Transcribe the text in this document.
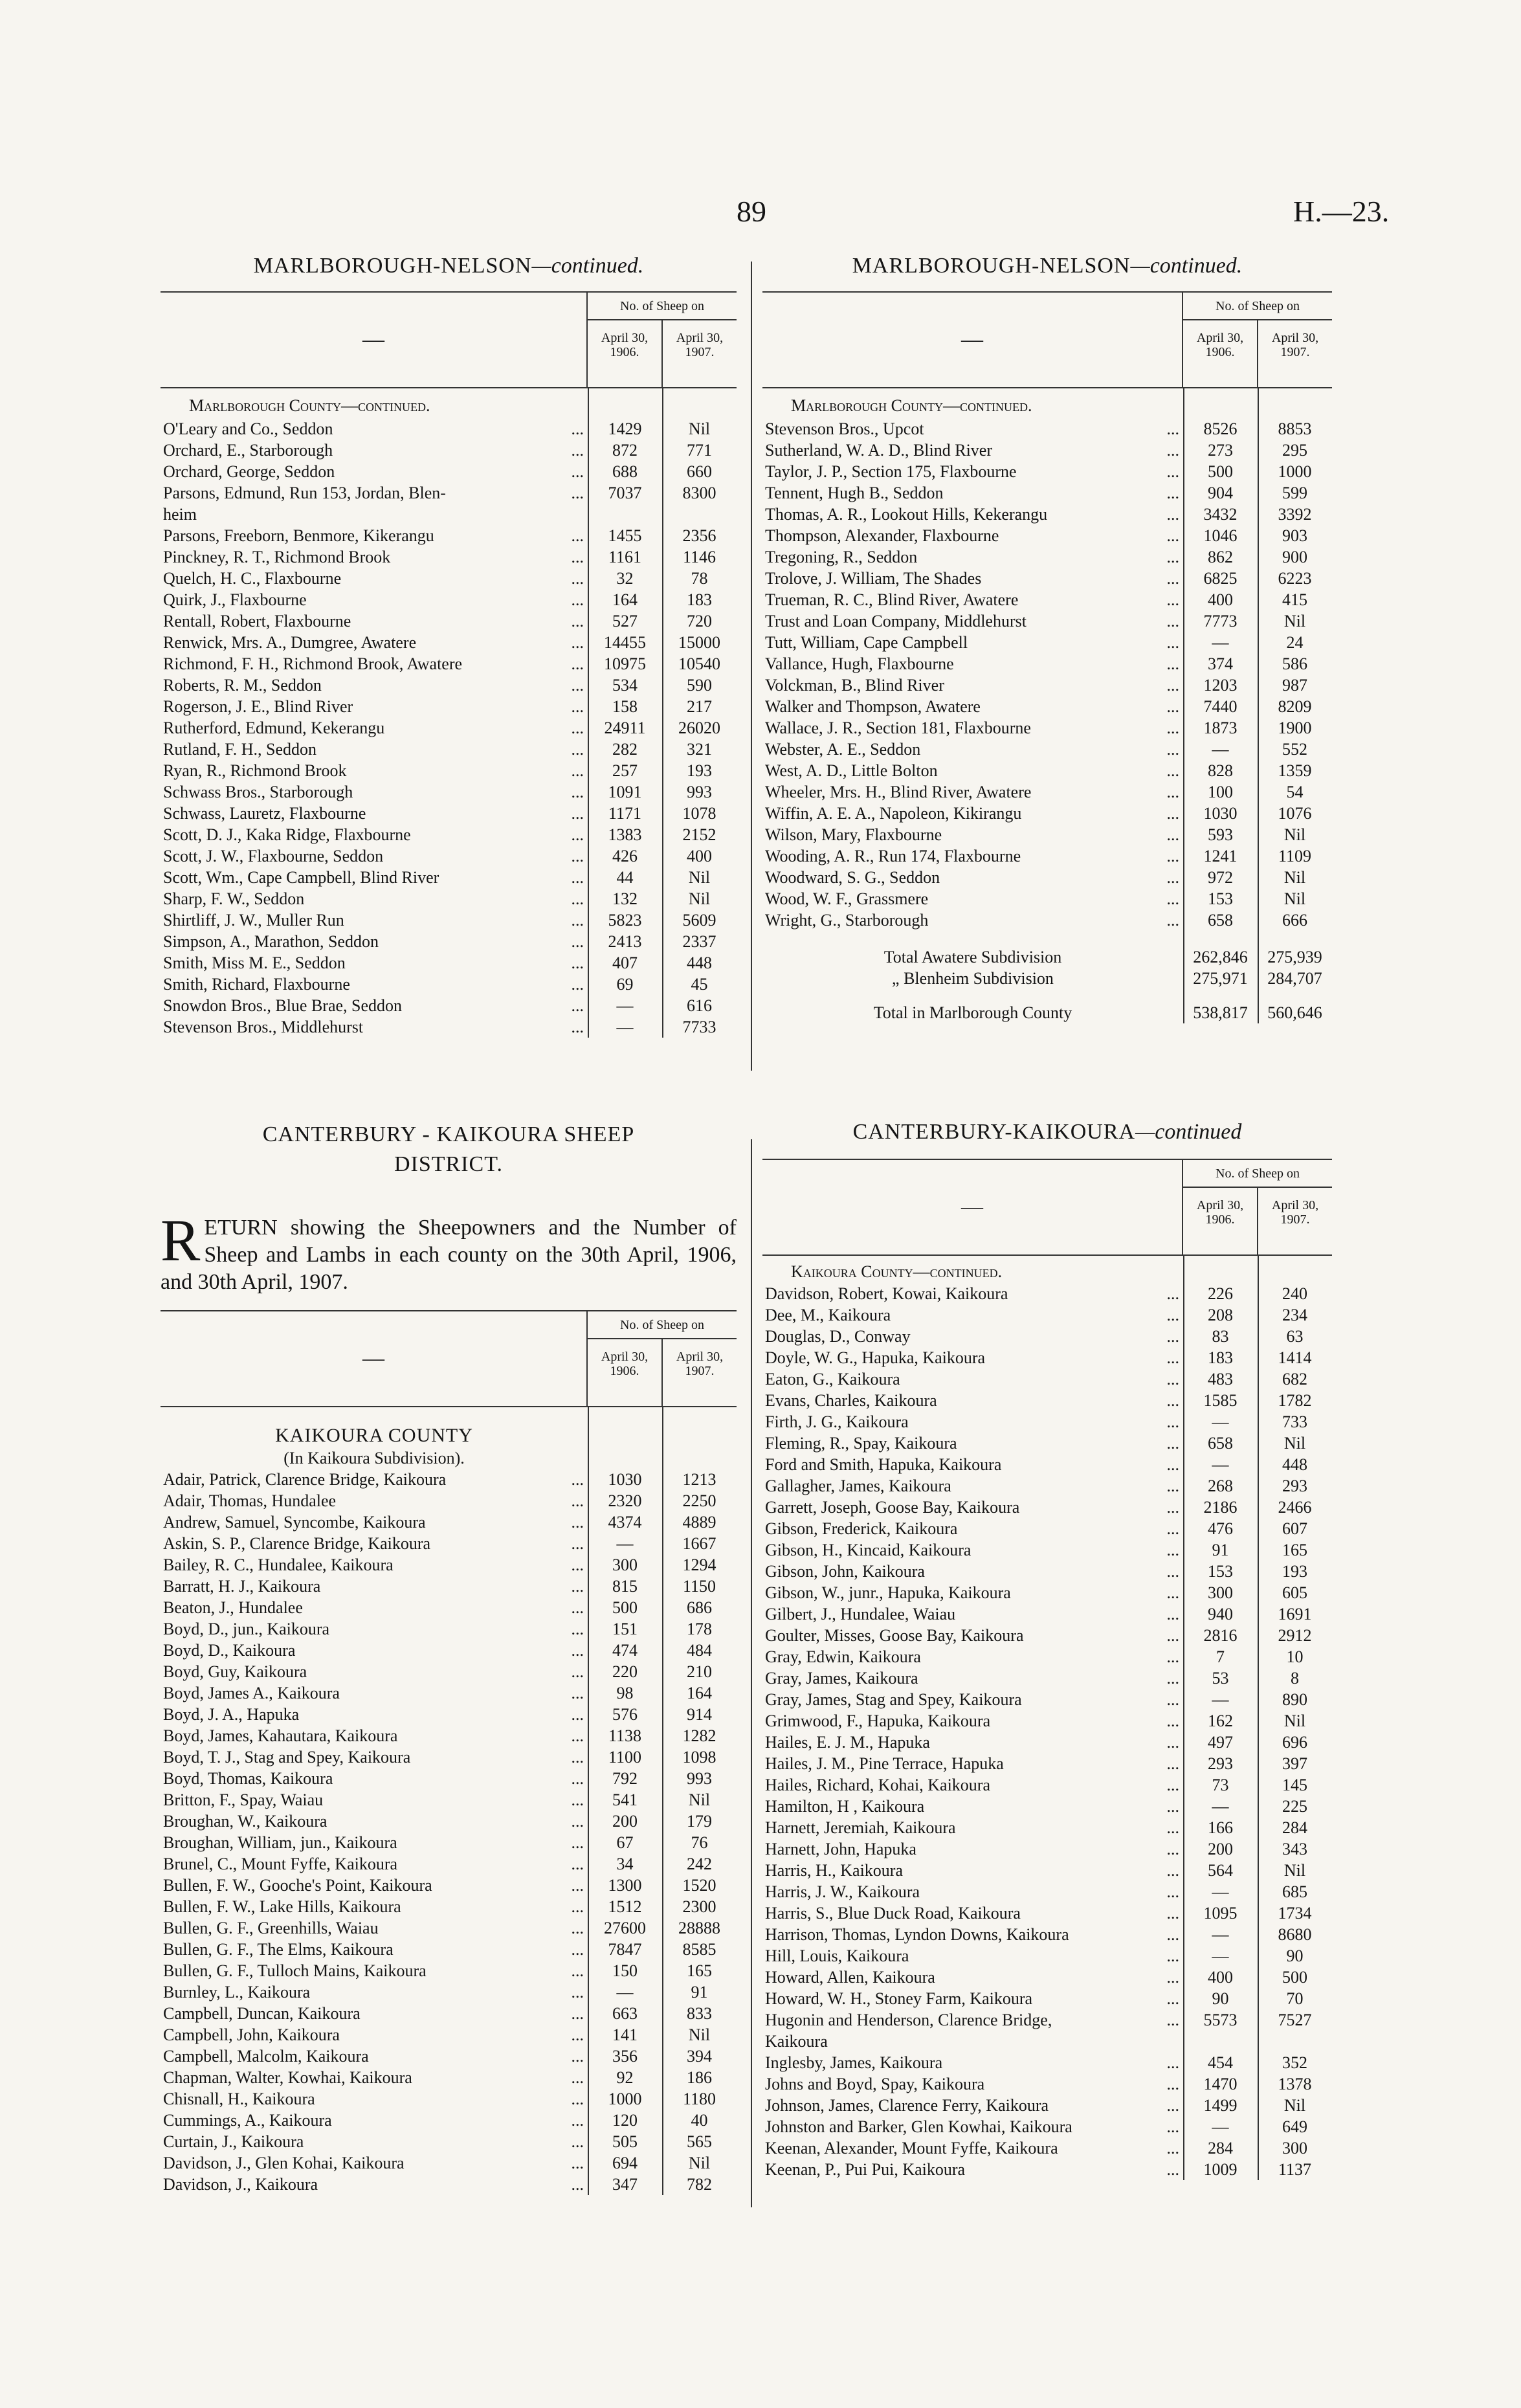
89	H.—23.
MARLBOROUGH-NELSON—continued.
—
No. of Sheep on
April 30, 1906.
April 30, 1907.
Marlborough County—continued.
O'Leary and Co., Seddon ...	1429	Nil
Orchard, E., Starborough ...	872	771
Orchard, George, Seddon ...	688	660
Parsons, Edmund, Run 153, Jordan, Blen- ...	7037	8300
heim
Parsons, Freeborn, Benmore, Kikerangu ...	1455	2356
Pinckney, R. T., Richmond Brook ...	1161	1146
Quelch, H. C., Flaxbourne ...	32	78
Quirk, J., Flaxbourne ...	164	183
Rentall, Robert, Flaxbourne ...	527	720
Renwick, Mrs. A., Dumgree, Awatere ...	14455	15000
Richmond, F. H., Richmond Brook, Awatere ...	10975	10540
Roberts, R. M., Seddon ...	534	590
Rogerson, J. E., Blind River ...	158	217
Rutherford, Edmund, Kekerangu ...	24911	26020
Rutland, F. H., Seddon ...	282	321
Ryan, R., Richmond Brook ...	257	193
Schwass Bros., Starborough ...	1091	993
Schwass, Lauretz, Flaxbourne ...	1171	1078
Scott, D. J., Kaka Ridge, Flaxbourne ...	1383	2152
Scott, J. W., Flaxbourne, Seddon ...	426	400
Scott, Wm., Cape Campbell, Blind River ...	44	Nil
Sharp, F. W., Seddon ...	132	Nil
Shirtliff, J. W., Muller Run ...	5823	5609
Simpson, A., Marathon, Seddon ...	2413	2337
Smith, Miss M. E., Seddon ...	407	448
Smith, Richard, Flaxbourne ...	69	45
Snowdon Bros., Blue Brae, Seddon ...	—	616
Stevenson Bros., Middlehurst ...	—	7733
MARLBOROUGH-NELSON—continued.
—
No. of Sheep on
April 30, 1906.
April 30, 1907.
Marlborough County—continued.
Stevenson Bros., Upcot ...	8526	8853
Sutherland, W. A. D., Blind River ...	273	295
Taylor, J. P., Section 175, Flaxbourne ...	500	1000
Tennent, Hugh B., Seddon ...	904	599
Thomas, A. R., Lookout Hills, Kekerangu ...	3432	3392
Thompson, Alexander, Flaxbourne ...	1046	903
Tregoning, R., Seddon ...	862	900
Trolove, J. William, The Shades ...	6825	6223
Trueman, R. C., Blind River, Awatere ...	400	415
Trust and Loan Company, Middlehurst ...	7773	Nil
Tutt, William, Cape Campbell ...	—	24
Vallance, Hugh, Flaxbourne ...	374	586
Volckman, B., Blind River ...	1203	987
Walker and Thompson, Awatere ...	7440	8209
Wallace, J. R., Section 181, Flaxbourne ...	1873	1900
Webster, A. E., Seddon ...	—	552
West, A. D., Little Bolton ...	828	1359
Wheeler, Mrs. H., Blind River, Awatere ...	100	54
Wiffin, A. E. A., Napoleon, Kikirangu ...	1030	1076
Wilson, Mary, Flaxbourne ...	593	Nil
Wooding, A. R., Run 174, Flaxbourne ...	1241	1109
Woodward, S. G., Seddon ...	972	Nil
Wood, W. F., Grassmere ...	153	Nil
Wright, G., Starborough ...	658	666
Total Awatere Subdivision	262,846	275,939
„ Blenheim Subdivision	275,971	284,707
Total in Marlborough County	538,817	560,646
CANTERBURY - KAIKOURA SHEEP
DISTRICT.
RETURN showing the Sheepowners and the Number of Sheep and Lambs in each county on the 30th April, 1906, and 30th April, 1907.
—
No. of Sheep on
April 30, 1906.
April 30, 1907.
KAIKOURA COUNTY
(In Kaikoura Subdivision).
Adair, Patrick, Clarence Bridge, Kaikoura ...	1030	1213
Adair, Thomas, Hundalee ...	2320	2250
Andrew, Samuel, Syncombe, Kaikoura ...	4374	4889
Askin, S. P., Clarence Bridge, Kaikoura ...	—	1667
Bailey, R. C., Hundalee, Kaikoura ...	300	1294
Barratt, H. J., Kaikoura ...	815	1150
Beaton, J., Hundalee ...	500	686
Boyd, D., jun., Kaikoura ...	151	178
Boyd, D., Kaikoura ...	474	484
Boyd, Guy, Kaikoura ...	220	210
Boyd, James A., Kaikoura ...	98	164
Boyd, J. A., Hapuka ...	576	914
Boyd, James, Kahautara, Kaikoura ...	1138	1282
Boyd, T. J., Stag and Spey, Kaikoura ...	1100	1098
Boyd, Thomas, Kaikoura ...	792	993
Britton, F., Spay, Waiau ...	541	Nil
Broughan, W., Kaikoura ...	200	179
Broughan, William, jun., Kaikoura ...	67	76
Brunel, C., Mount Fyffe, Kaikoura ...	34	242
Bullen, F. W., Gooche's Point, Kaikoura ...	1300	1520
Bullen, F. W., Lake Hills, Kaikoura ...	1512	2300
Bullen, G. F., Greenhills, Waiau ...	27600	28888
Bullen, G. F., The Elms, Kaikoura ...	7847	8585
Bullen, G. F., Tulloch Mains, Kaikoura ...	150	165
Burnley, L., Kaikoura ...	—	91
Campbell, Duncan, Kaikoura ...	663	833
Campbell, John, Kaikoura ...	141	Nil
Campbell, Malcolm, Kaikoura ...	356	394
Chapman, Walter, Kowhai, Kaikoura ...	92	186
Chisnall, H., Kaikoura ...	1000	1180
Cummings, A., Kaikoura ...	120	40
Curtain, J., Kaikoura ...	505	565
Davidson, J., Glen Kohai, Kaikoura ...	694	Nil
Davidson, J., Kaikoura ...	347	782
CANTERBURY-KAIKOURA—continued
—
No. of Sheep on
April 30, 1906.
April 30, 1907.
Kaikoura County—continued.
Davidson, Robert, Kowai, Kaikoura ...	226	240
Dee, M., Kaikoura ...	208	234
Douglas, D., Conway ...	83	63
Doyle, W. G., Hapuka, Kaikoura ...	183	1414
Eaton, G., Kaikoura ...	483	682
Evans, Charles, Kaikoura ...	1585	1782
Firth, J. G., Kaikoura ...	—	733
Fleming, R., Spay, Kaikoura ...	658	Nil
Ford and Smith, Hapuka, Kaikoura ...	—	448
Gallagher, James, Kaikoura ...	268	293
Garrett, Joseph, Goose Bay, Kaikoura ...	2186	2466
Gibson, Frederick, Kaikoura ...	476	607
Gibson, H., Kincaid, Kaikoura ...	91	165
Gibson, John, Kaikoura ...	153	193
Gibson, W., junr., Hapuka, Kaikoura ...	300	605
Gilbert, J., Hundalee, Waiau ...	940	1691
Goulter, Misses, Goose Bay, Kaikoura ...	2816	2912
Gray, Edwin, Kaikoura ...	7	10
Gray, James, Kaikoura ...	53	8
Gray, James, Stag and Spey, Kaikoura ...	—	890
Grimwood, F., Hapuka, Kaikoura ...	162	Nil
Hailes, E. J. M., Hapuka ...	497	696
Hailes, J. M., Pine Terrace, Hapuka ...	293	397
Hailes, Richard, Kohai, Kaikoura ...	73	145
Hamilton, H , Kaikoura ...	—	225
Harnett, Jeremiah, Kaikoura ...	166	284
Harnett, John, Hapuka ...	200	343
Harris, H., Kaikoura ...	564	Nil
Harris, J. W., Kaikoura ...	—	685
Harris, S., Blue Duck Road, Kaikoura ...	1095	1734
Harrison, Thomas, Lyndon Downs, Kaikoura ...	—	8680
Hill, Louis, Kaikoura ...	—	90
Howard, Allen, Kaikoura ...	400	500
Howard, W. H., Stoney Farm, Kaikoura ...	90	70
Hugonin and Henderson, Clarence Bridge, ...	5573	7527
Kaikoura
Inglesby, James, Kaikoura ...	454	352
Johns and Boyd, Spay, Kaikoura ...	1470	1378
Johnson, James, Clarence Ferry, Kaikoura ...	1499	Nil
Johnston and Barker, Glen Kowhai, Kaikoura ...	—	649
Keenan, Alexander, Mount Fyffe, Kaikoura ...	284	300
Keenan, P., Pui Pui, Kaikoura ...	1009	1137
